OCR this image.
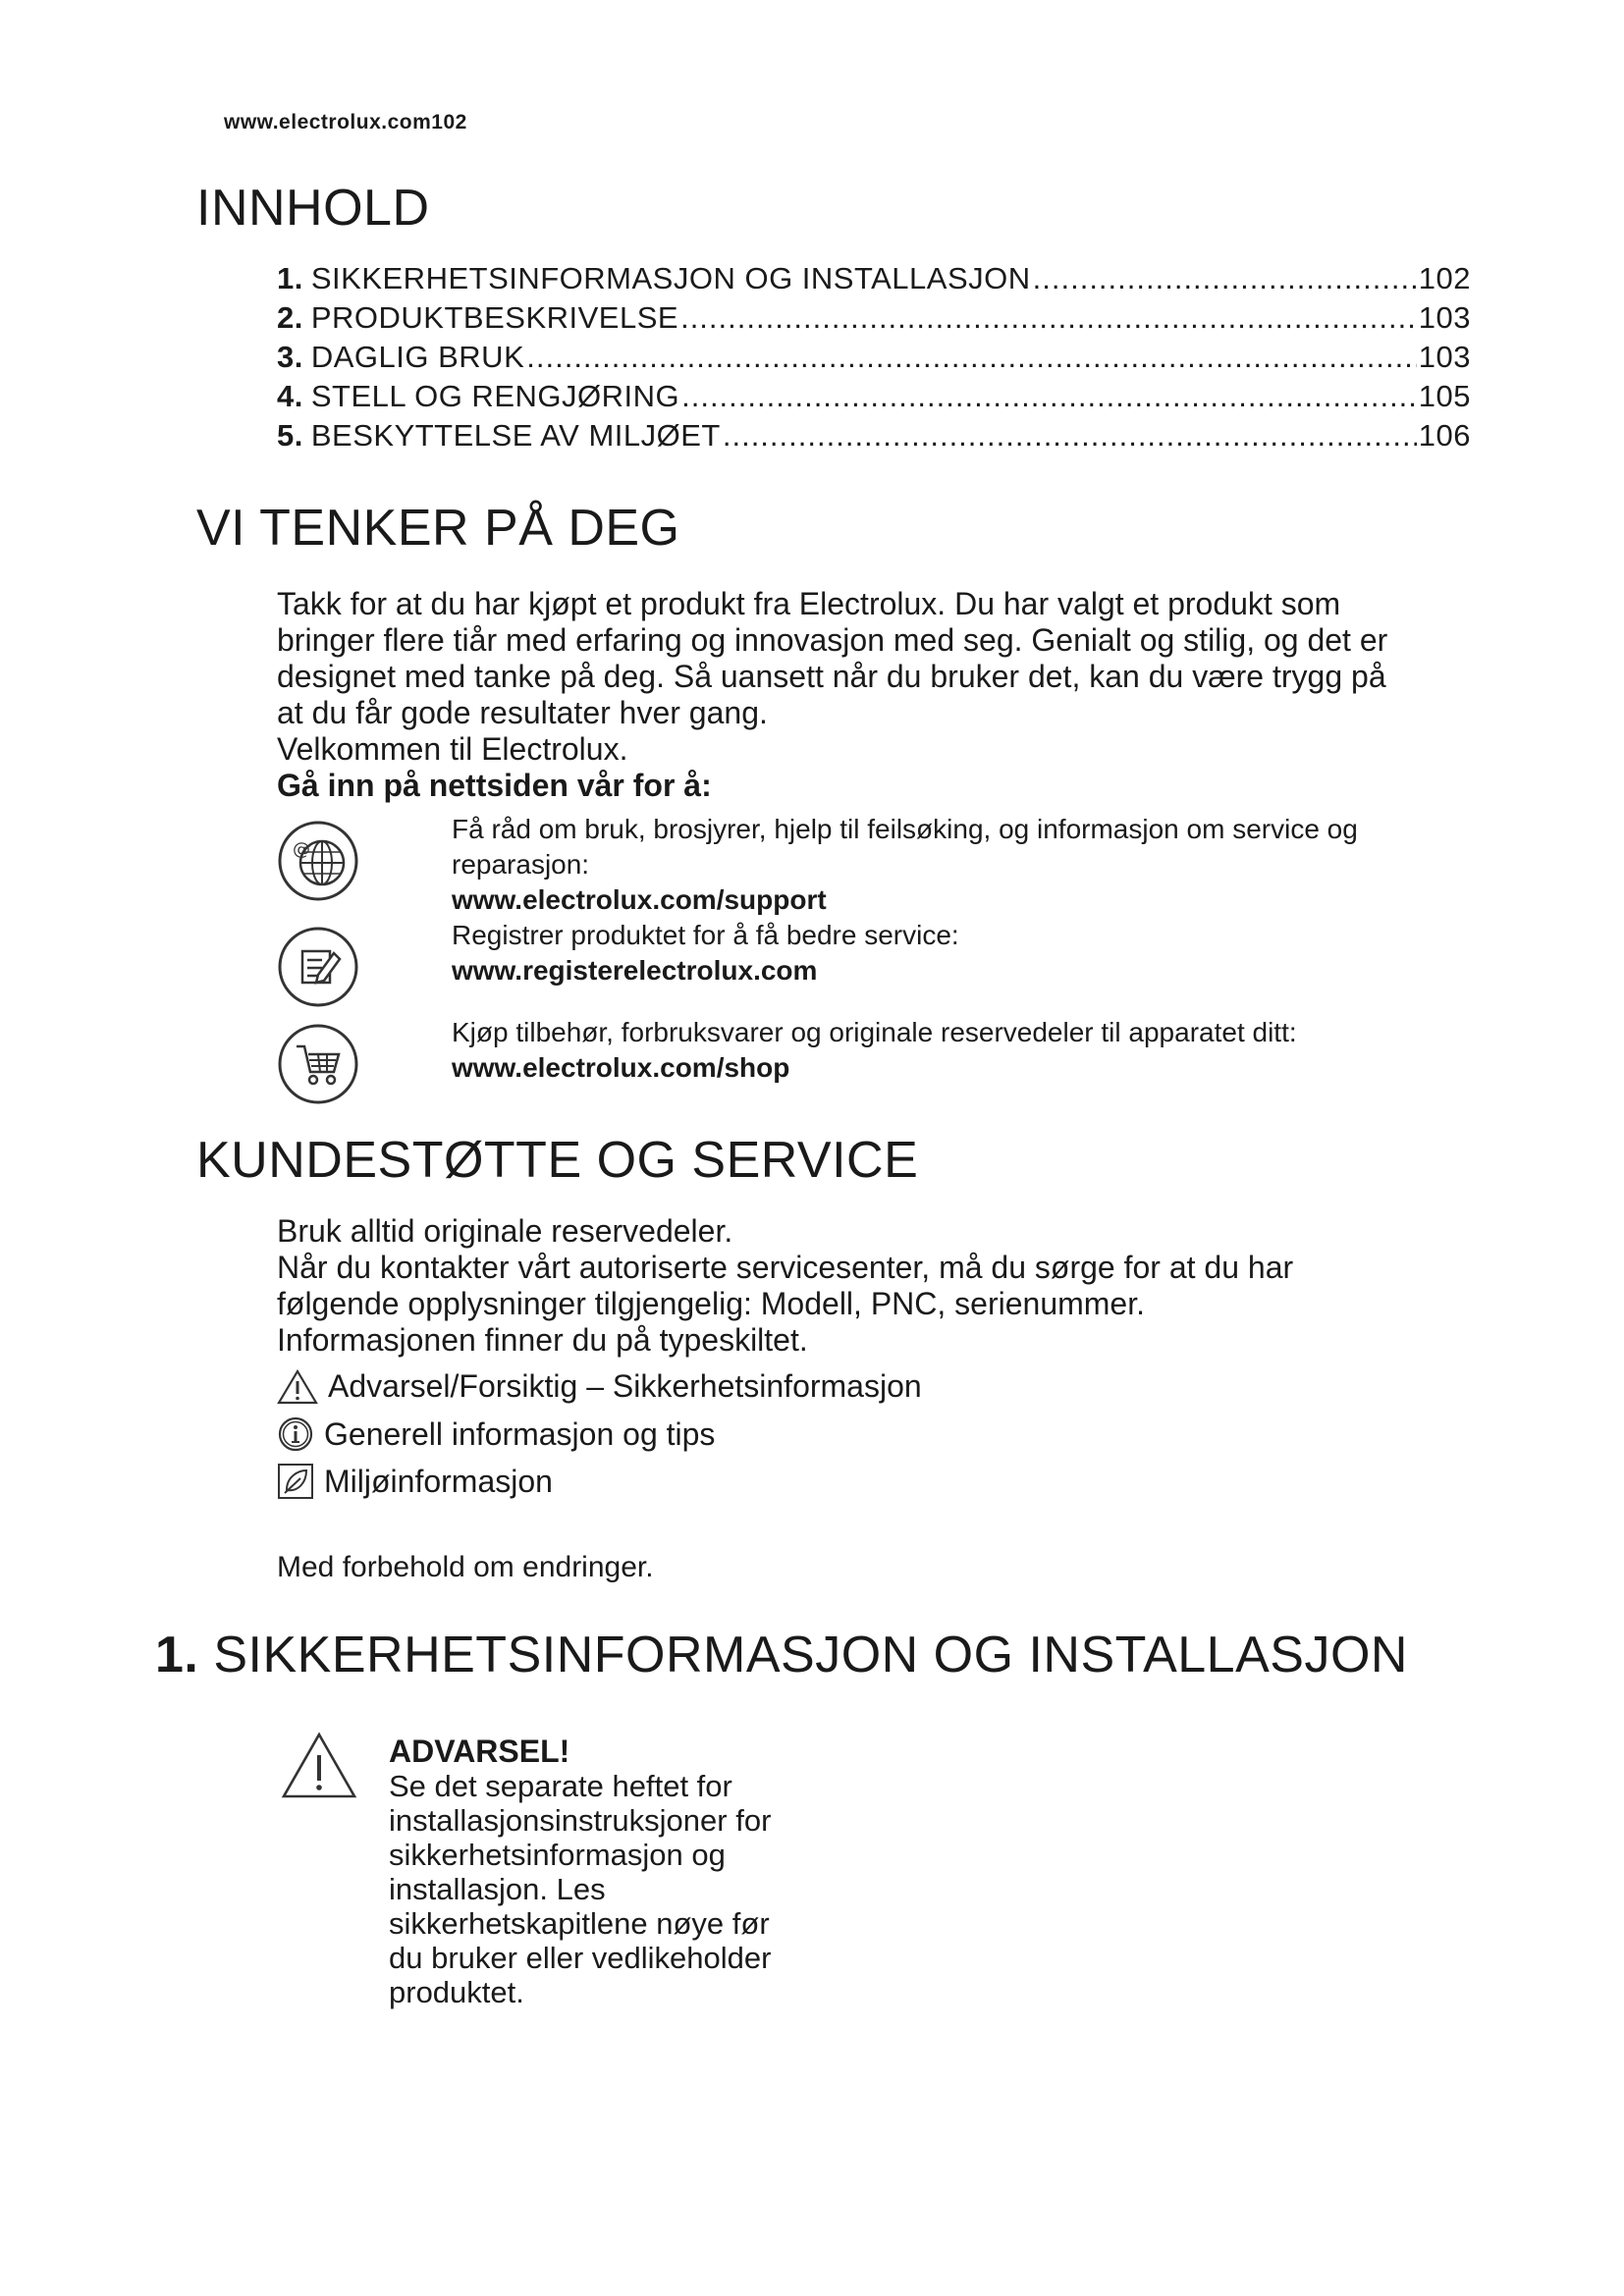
www.electrolux.com102
INNHOLD
1. SIKKERHETSINFORMASJON OG INSTALLASJON .....	102
2. PRODUKTBESKRIVELSE .....	103
3. DAGLIG BRUK .....	103
4. STELL OG RENGJØRING .....	105
5. BESKYTTELSE AV MILJØET .....	106
VI TENKER PÅ DEG

Takk for at du har kjøpt et produkt fra Electrolux. Du har valgt et produkt som

bringer flere tiår med erfaring og innovasjon med seg. Genialt og stilig, og det er

designet med tanke på deg. Så uansett når du bruker det, kan du være trygg på

at du får gode resultater hver gang.

Velkommen til Electrolux.

Gå inn på nettsiden vår for å:

@
Få råd om bruk, brosjyrer, hjelp til feilsøking, og informasjon om service og
reparasjon:
www.electrolux.com/support
Registrer produktet for å få bedre service:
www.registerelectrolux.com
Kjøp tilbehør, forbruksvarer og originale reservedeler til apparatet ditt:
www.electrolux.com/shop
KUNDESTØTTE OG SERVICE

Bruk alltid originale reservedeler.

Når du kontakter vårt autoriserte servicesenter, må du sørge for at du har

følgende opplysninger tilgjengelig: Modell, PNC, serienummer.

Informasjonen finner du på typeskiltet.

Advarsel/Forsiktig – Sikkerhetsinformasjon
Generell informasjon og tips
Miljøinformasjon
Med forbehold om endringer.
1. SIKKERHETSINFORMASJON OG INSTALLASJON
ADVARSEL!
Se det separate heftet for
installasjonsinstruksjoner for
sikkerhetsinformasjon og
installasjon. Les
sikkerhetskapitlene nøye før
du bruker eller vedlikeholder
produktet.
